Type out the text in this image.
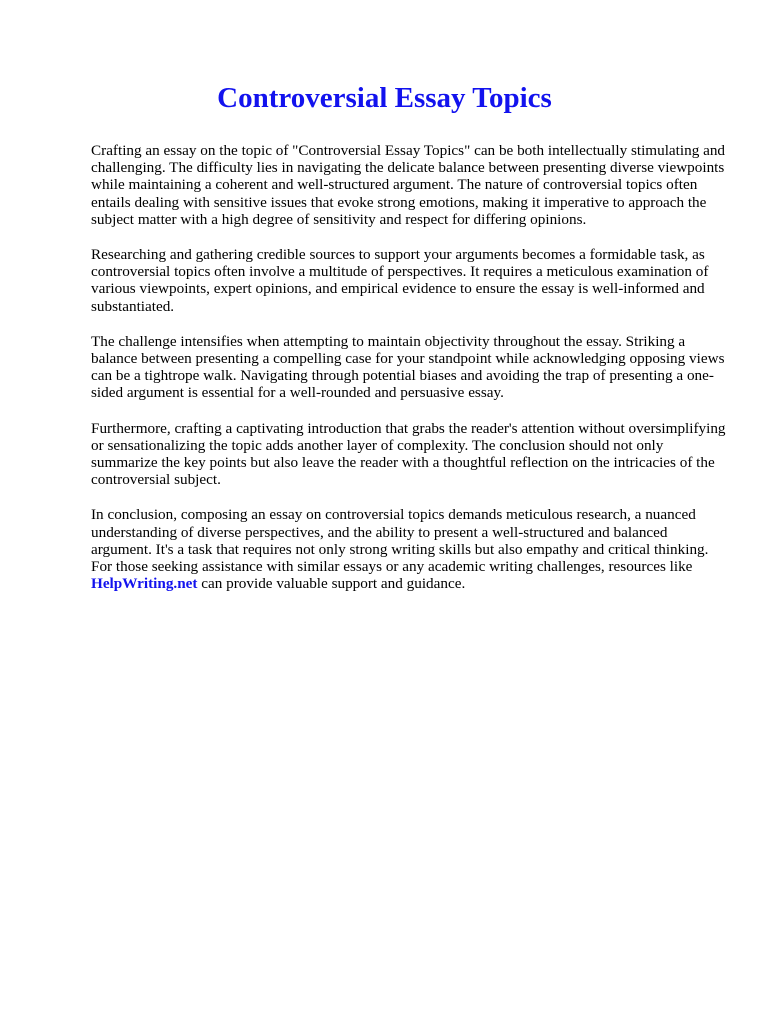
Controversial Essay Topics

Crafting an essay on the topic of "Controversial Essay Topics" can be both intellectually stimulating and challenging. The difficulty lies in navigating the delicate balance between presenting diverse viewpoints while maintaining a coherent and well-structured argument. The nature of controversial topics often entails dealing with sensitive issues that evoke strong emotions, making it imperative to approach the subject matter with a high degree of sensitivity and respect for differing opinions.

Researching and gathering credible sources to support your arguments becomes a formidable task, as controversial topics often involve a multitude of perspectives. It requires a meticulous examination of various viewpoints, expert opinions, and empirical evidence to ensure the essay is well-informed and substantiated.

The challenge intensifies when attempting to maintain objectivity throughout the essay. Striking a balance between presenting a compelling case for your standpoint while acknowledging opposing views can be a tightrope walk. Navigating through potential biases and avoiding the trap of presenting a one-sided argument is essential for a well-rounded and persuasive essay.

Furthermore, crafting a captivating introduction that grabs the reader's attention without oversimplifying or sensationalizing the topic adds another layer of complexity. The conclusion should not only summarize the key points but also leave the reader with a thoughtful reflection on the intricacies of the controversial subject.

In conclusion, composing an essay on controversial topics demands meticulous research, a nuanced understanding of diverse perspectives, and the ability to present a well-structured and balanced argument. It's a task that requires not only strong writing skills but also empathy and critical thinking. For those seeking assistance with similar essays or any academic writing challenges, resources like HelpWriting.net can provide valuable support and guidance.
